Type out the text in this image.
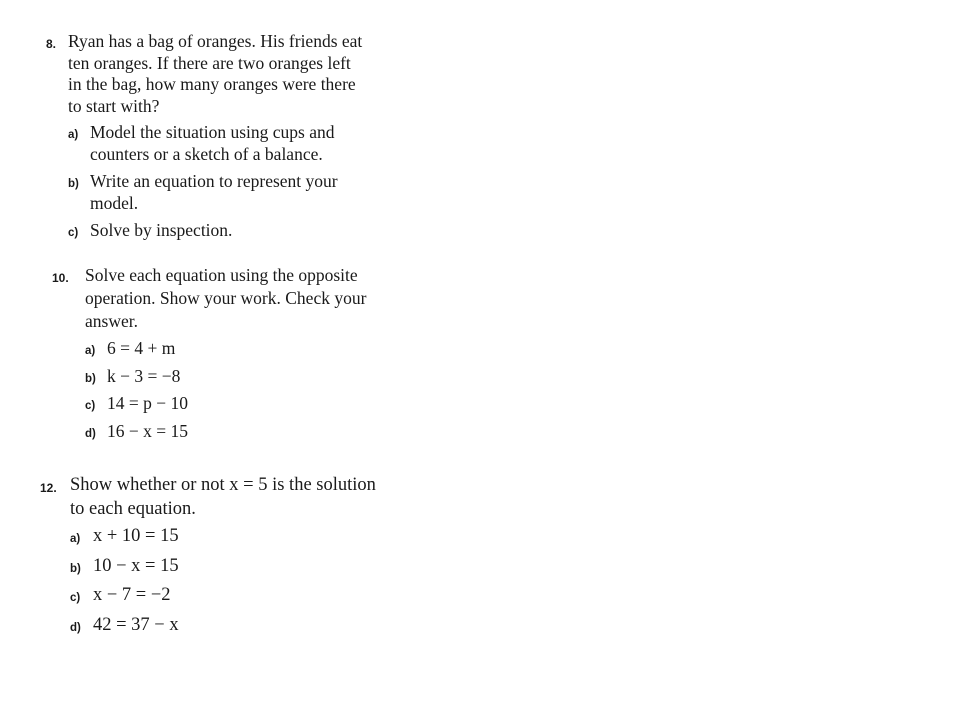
8. Ryan has a bag of oranges. His friends eat
ten oranges. If there are two oranges left
in the bag, how many oranges were there
to start with?
a) Model the situation using cups and
counters or a sketch of a balance.
b) Write an equation to represent your
model.
c) Solve by inspection.
10. Solve each equation using the opposite
operation. Show your work. Check your
answer.
a) 6 = 4 + m
b) k − 3 = −8
c) 14 = p − 10
d) 16 − x = 15
12. Show whether or not x = 5 is the solution
to each equation.
a) x + 10 = 15
b) 10 − x = 15
c) x − 7 = −2
d) 42 = 37 − x
